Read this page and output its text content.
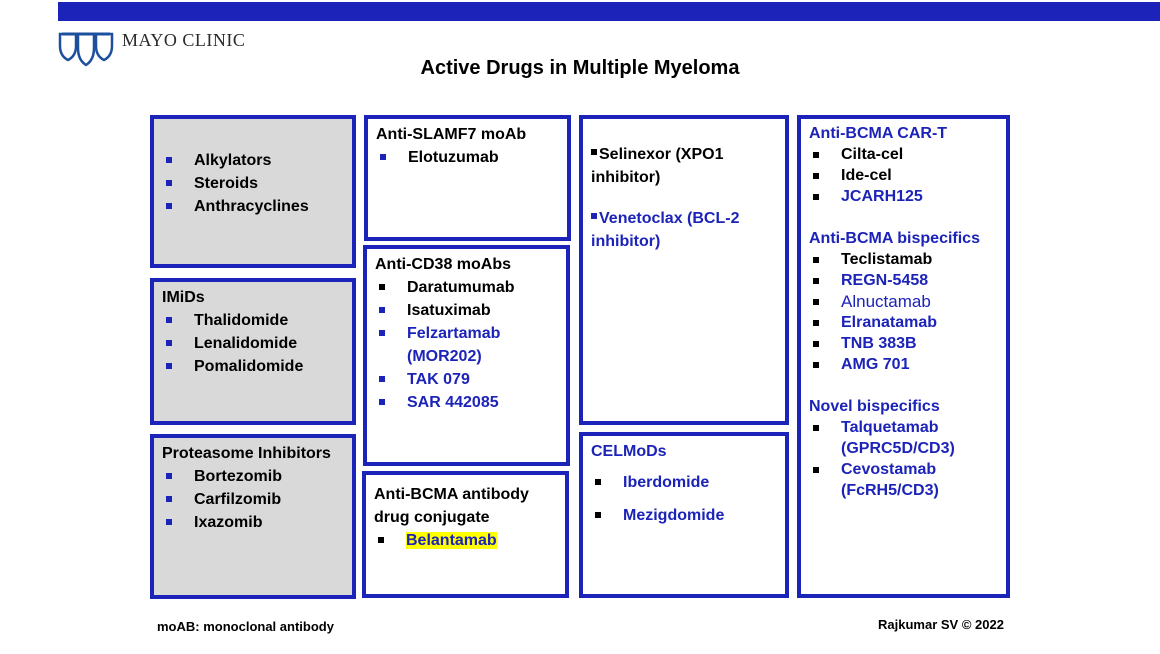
MAYO CLINIC
Active Drugs in Multiple Myeloma
Alkylators
Steroids
Anthracyclines
IMiDs
Thalidomide
Lenalidomide
Pomalidomide
Proteasome Inhibitors
Bortezomib
Carfilzomib
Ixazomib
Anti-SLAMF7 moAb
Elotuzumab
Anti-CD38 moAbs
Daratumumab
Isatuximab
Felzartamab
(MOR202)
TAK 079
SAR 442085
Anti-BCMA antibody
drug conjugate
Belantamab
Selinexor (XPO1
inhibitor)
Venetoclax (BCL-2
inhibitor)
CELMoDs
Iberdomide
Mezigdomide
Anti-BCMA CAR-T
Cilta-cel
Ide-cel
JCARH125
Anti-BCMA bispecifics
Teclistamab
REGN-5458
Alnuctamab
Elranatamab
TNB 383B
AMG 701
Novel bispecifics
Talquetamab
(GPRC5D/CD3)
Cevostamab
(FcRH5/CD3)
moAB: monoclonal antibody	Rajkumar SV © 2022
